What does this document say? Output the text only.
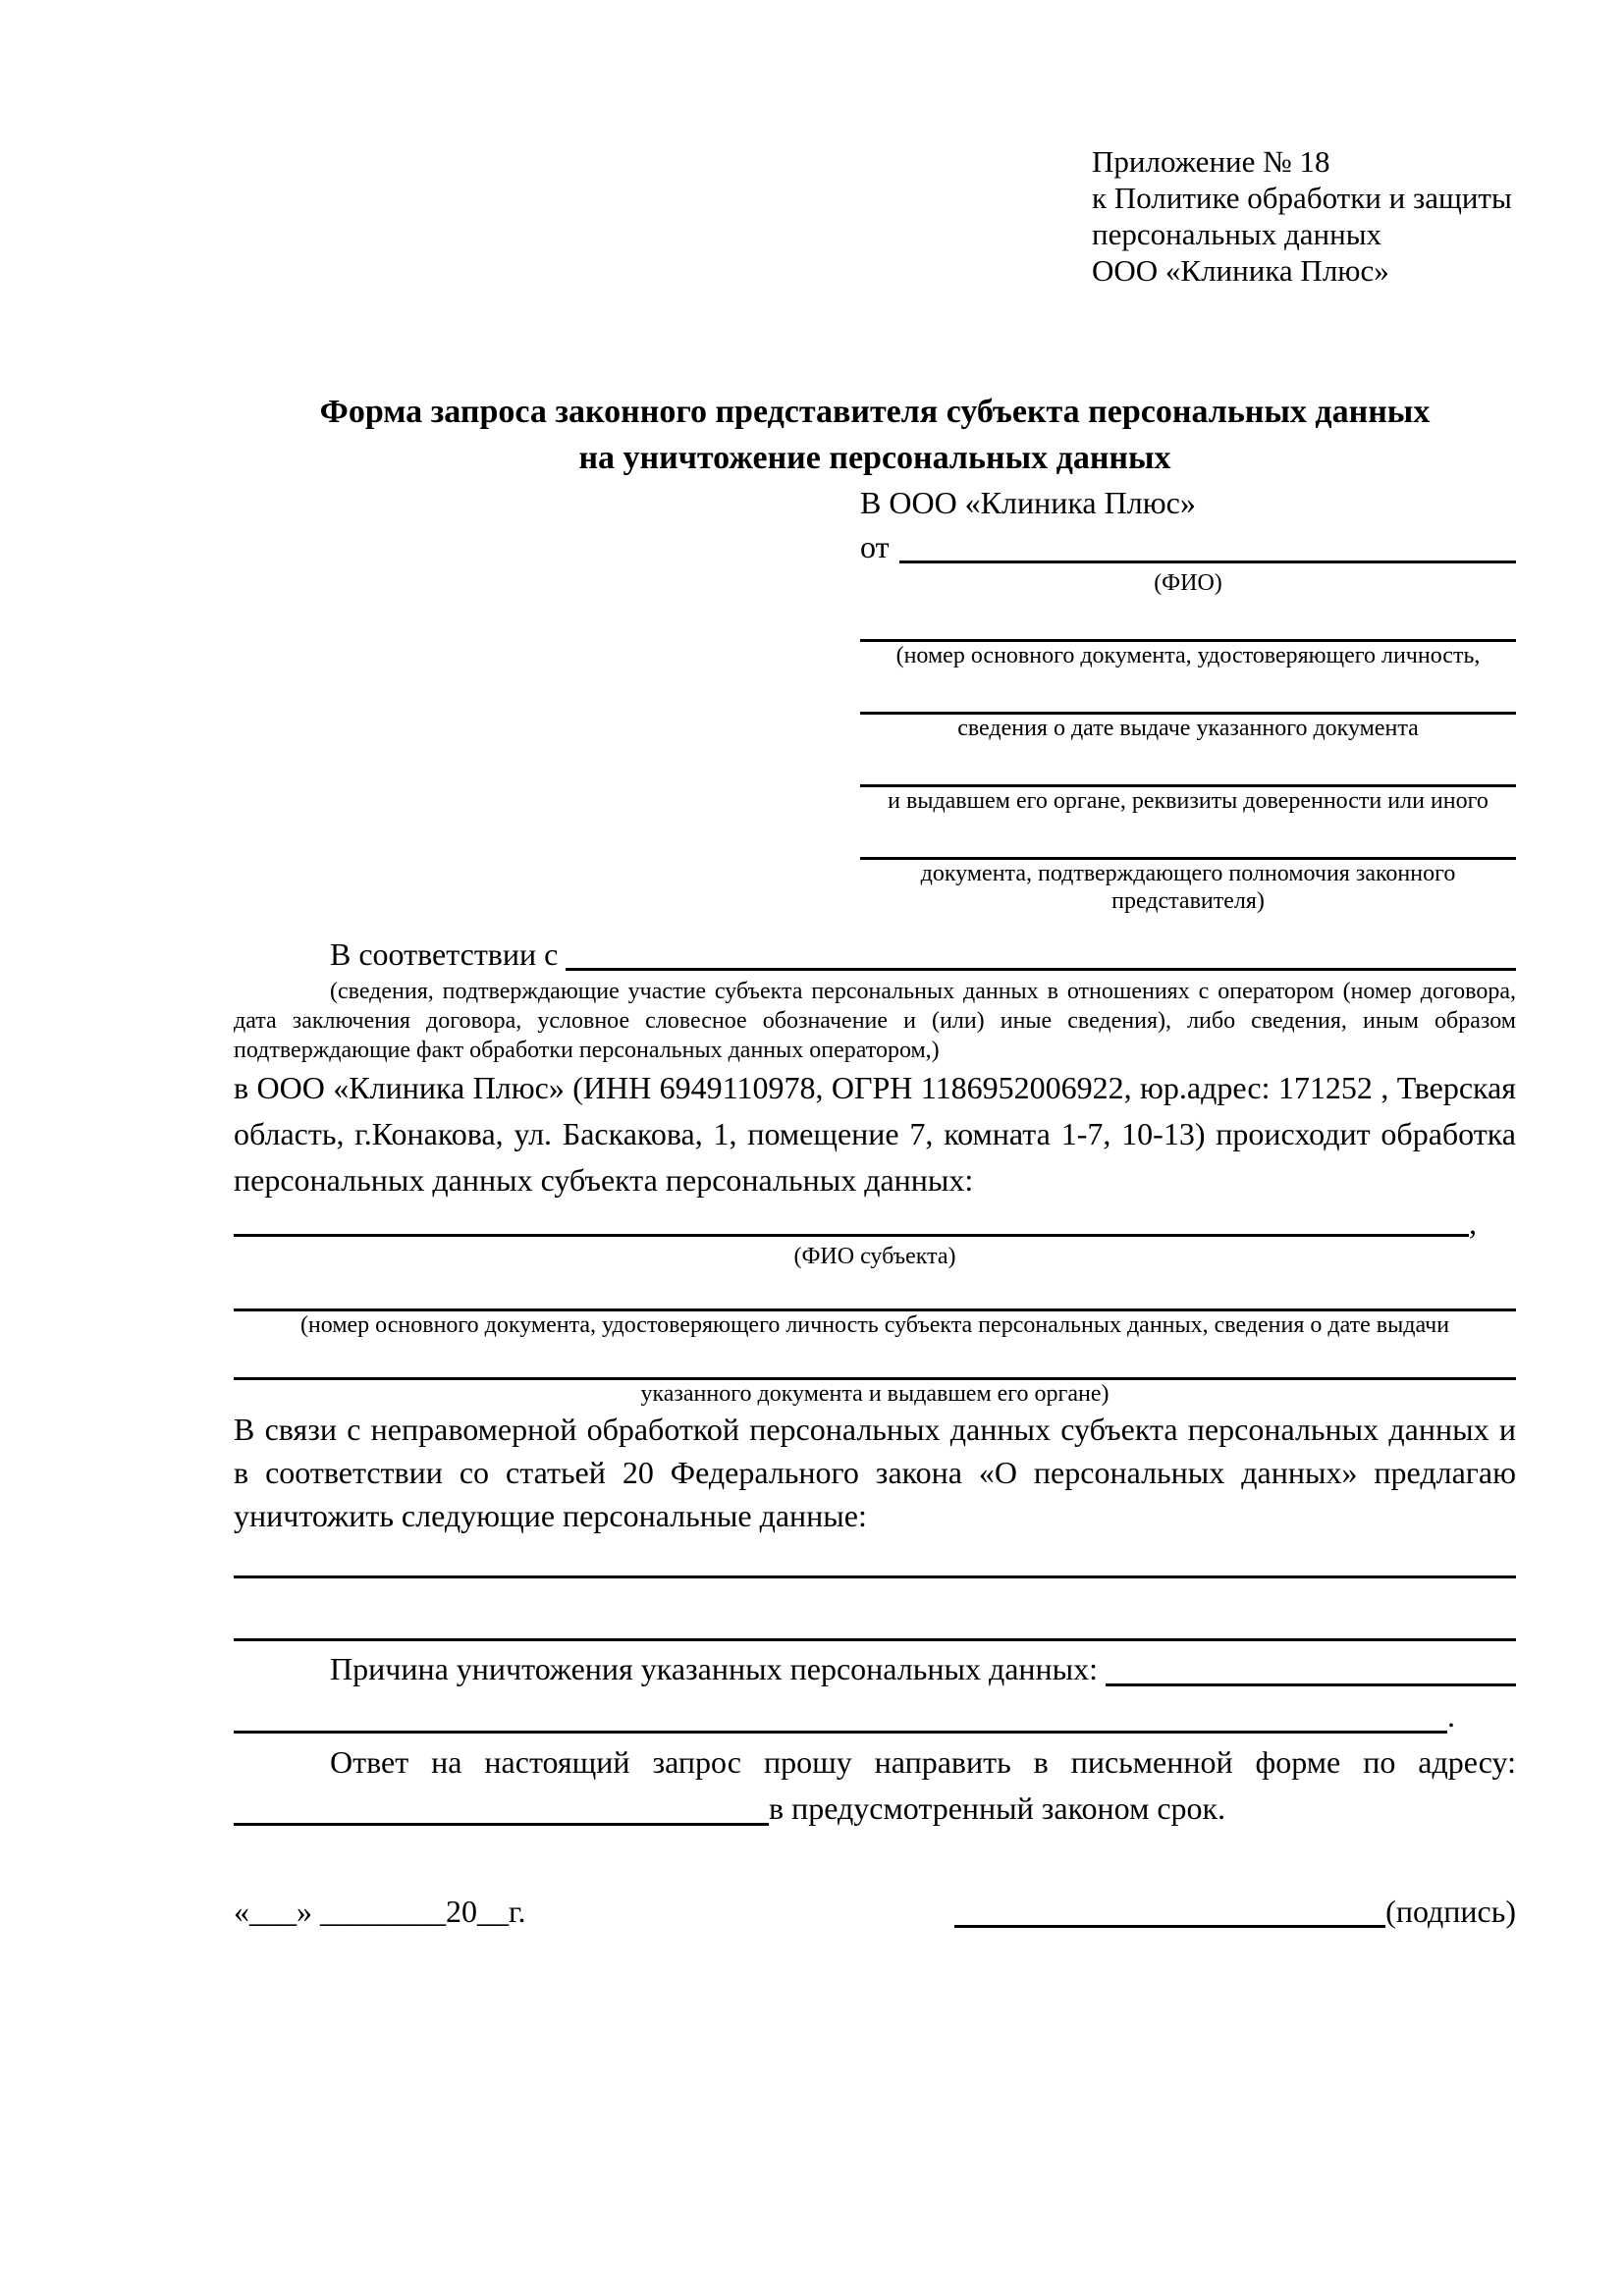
Приложение № 18
к Политике обработки и защиты
персональных данных
ООО «Клиника Плюс»
Форма запроса законного представителя субъекта персональных данных
на уничтожение персональных данных
В ООО «Клиника Плюс»
от
(ФИО)
(номер основного документа, удостоверяющего личность,
сведения о дате выдаче указанного документа
и выдавшем его органе, реквизиты доверенности или иного
документа, подтверждающего полномочия законного представителя)
В соответствии с
(сведения, подтверждающие участие субъекта персональных данных в отношениях с оператором (номер договора, дата заключения договора, условное словесное обозначение и (или) иные сведения), либо сведения, иным образом подтверждающие факт обработки персональных данных оператором,)
в ООО «Клиника Плюс» (ИНН 6949110978, ОГРН 1186952006922, юр.адрес: 171252 , Тверская область, г.Конакова, ул. Баскакова, 1, помещение 7, комната 1-7, 10-13) происходит обработка персональных данных субъекта персональных данных:
,
(ФИО субъекта)
(номер основного документа, удостоверяющего личность субъекта персональных данных, сведения о дате выдачи
указанного документа и выдавшем его органе)
В связи с неправомерной обработкой персональных данных субъекта персональных данных и в соответствии со статьей 20 Федерального закона «О персональных данных» предлагаю уничтожить следующие персональные данные:
Причина уничтожения указанных персональных данных:
.
Ответ на настоящий запрос прошу направить в письменной форме по адресу:
в предусмотренный законом срок.
«___» ________20__г.	(подпись)
